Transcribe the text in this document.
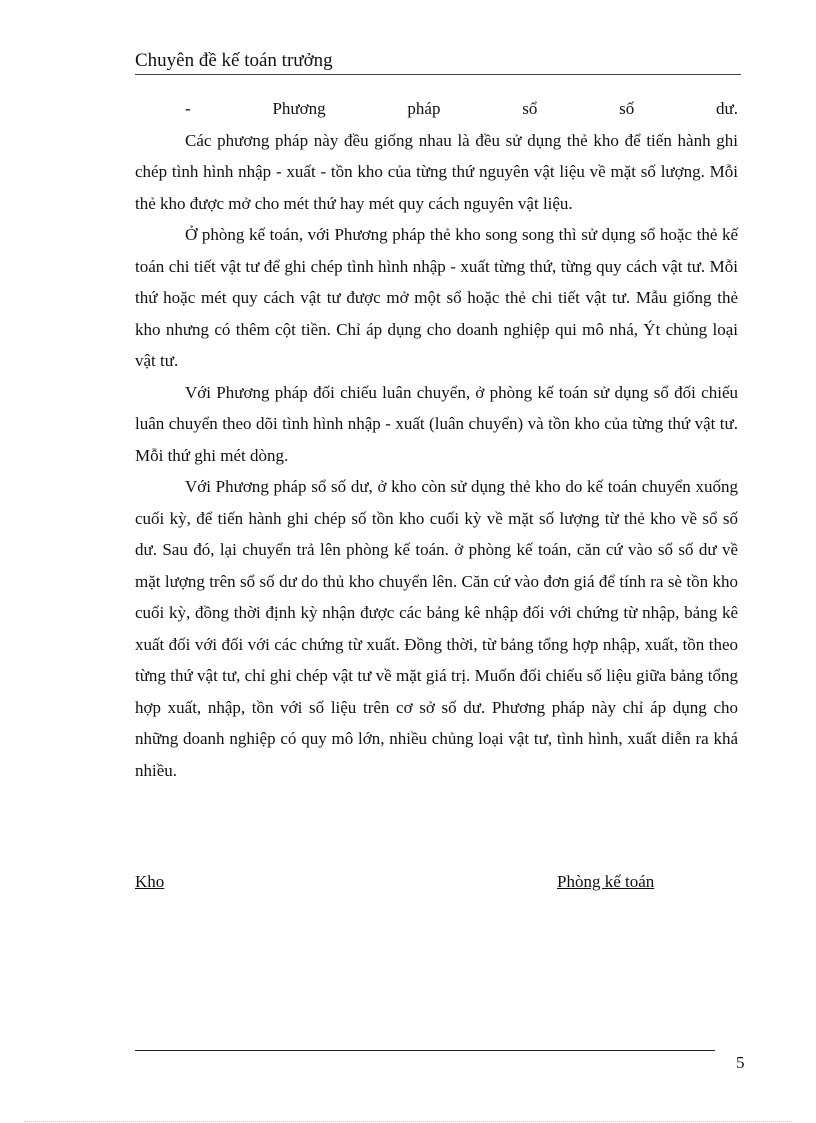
Chuyên đề kế toán trưởng

- Phương pháp sổ số dư.

Các phương pháp này đều giống nhau là đều sử dụng thẻ kho để tiến hành ghi chép tình hình nhập - xuất - tồn kho của từng thứ nguyên vật liệu về mặt số lượng. Mỗi thẻ kho được mở cho mét thứ hay mét quy cách nguyên vật liệu.

Ở phòng kế toán, với Phương pháp thẻ kho song song thì sử dụng sổ hoặc thẻ kế toán chi tiết vật tư để ghi chép tình hình nhập - xuất từng thứ, từng quy cách vật tư. Mỗi thứ hoặc mét quy cách vật tư được mở một sổ hoặc thẻ chi tiết vật tư. Mẫu giống thẻ kho nhưng có thêm cột tiền. Chỉ áp dụng cho doanh nghiệp qui mô nhá, Ýt chủng loại vật tư.

Với Phương pháp đối chiếu luân chuyển, ở phòng kế toán sử dụng sổ đối chiếu luân chuyển theo dõi tình hình nhập - xuất (luân chuyển) và tồn kho của từng thứ vật tư. Mỗi thứ ghi mét dòng.

Với Phương pháp sổ số dư, ở kho còn sử dụng thẻ kho do kế toán chuyển xuống cuối kỳ, để tiến hành ghi chép số tồn kho cuối kỳ về mặt số lượng từ thẻ kho về sổ số dư. Sau đó, lại chuyển trả lên phòng kế toán. ở phòng kế toán, căn cứ vào sổ số dư về mặt lượng trên sổ số dư do thủ kho chuyển lên. Căn cứ vào đơn giá để tính ra sè tồn kho cuối kỳ, đồng thời định kỳ nhận được các bảng kê nhập đối với chứng từ nhập, bảng kê xuất đối với đối với các chứng từ xuất. Đồng thời, từ bảng tổng hợp nhập, xuất, tồn theo từng thứ vật tư, chỉ ghi chép vật tư về mặt giá trị. Muốn đối chiếu số liệu giữa bảng tổng hợp xuất, nhập, tồn với số liệu trên cơ sở số dư. Phương pháp này chỉ áp dụng cho những doanh nghiệp có quy mô lớn, nhiều chủng loại vật tư, tình hình, xuất diễn ra khá nhiều.

Kho	Phòng kế toán
5
